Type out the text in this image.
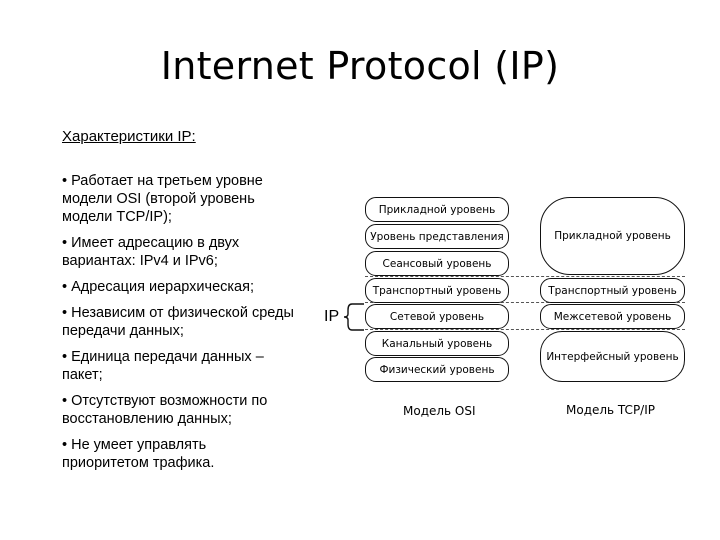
Internet Protocol (IP)
Характеристики IP:
• Работает на третьем уровне модели OSI (второй уровень модели TCP/IP);
• Имеет адресацию в двух вариантах: IPv4 и IPv6;
• Адресация иерархическая;
• Независим от физической среды передачи данных;
• Единица передачи данных – пакет;
• Отсутствуют возможности по восстановлению данных;
• Не умеет управлять приоритетом трафика.
Прикладной уровень
Уровень представления
Сеансовый уровень
Транспортный уровень
Сетевой уровень
Канальный уровень
Физический уровень
Прикладной уровень
Транспортный уровень
Межсетевой уровень
Интерфейсный уровень
IP
Модель OSI	Модель TCP/IP
